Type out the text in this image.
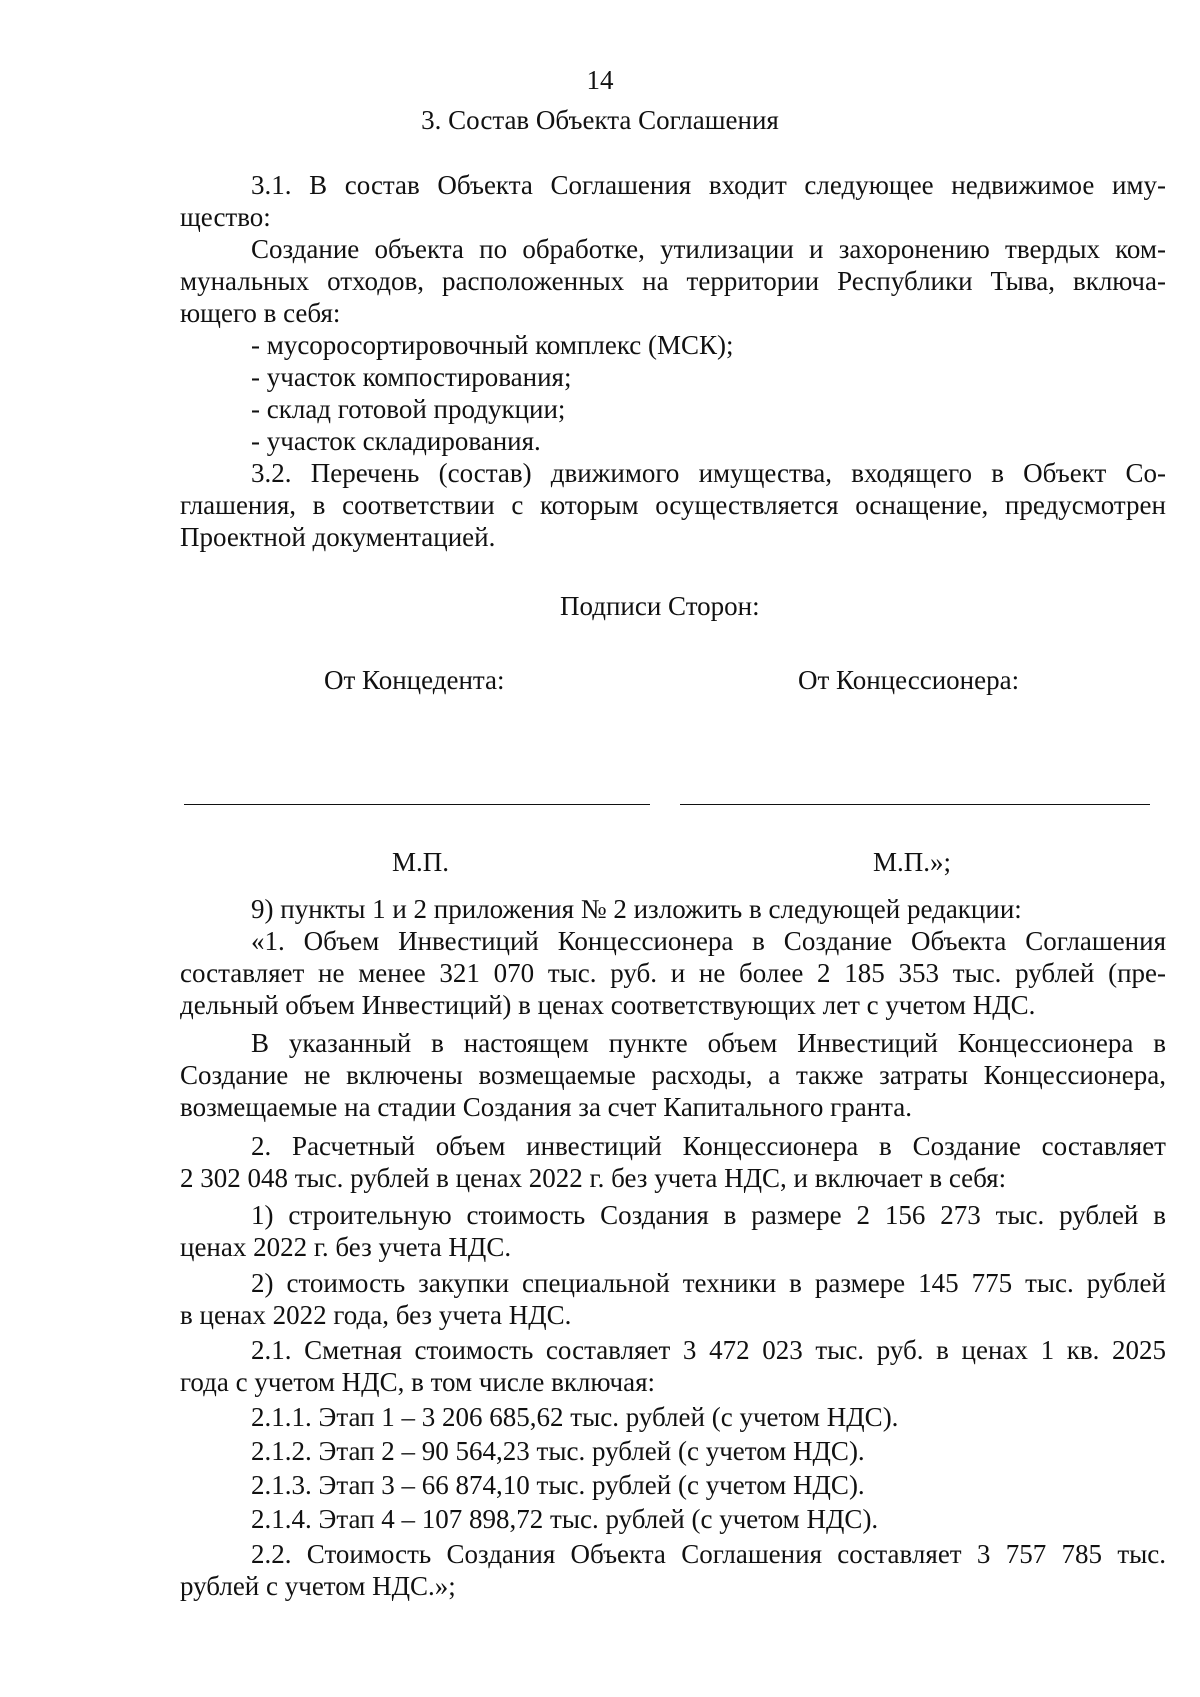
14
3. Состав Объекта Соглашения
3.1. В состав Объекта Соглашения входит следующее недвижимое иму-
щество:
Создание объекта по обработке, утилизации и захоронению твердых ком-
мунальных отходов, расположенных на территории Республики Тыва, включа-
ющего в себя:
- мусоросортировочный комплекс (МСК);
- участок компостирования;
- склад готовой продукции;
- участок складирования.
3.2. Перечень (состав) движимого имущества, входящего в Объект Со-
глашения, в соответствии с которым осуществляется оснащение, предусмотрен
Проектной документацией.
Подписи Сторон:
От Концедента:	От Концессионера:
М.П.	М.П.»;
9) пункты 1 и 2 приложения № 2 изложить в следующей редакции:
«1. Объем Инвестиций Концессионера в Создание Объекта Соглашения
составляет не менее 321 070 тыс. руб. и не более 2 185 353 тыс. рублей (пре-
дельный объем Инвестиций) в ценах соответствующих лет с учетом НДС.
В указанный в настоящем пункте объем Инвестиций Концессионера в
Создание не включены возмещаемые расходы, а также затраты Концессионера,
возмещаемые на стадии Создания за счет Капитального гранта.
2. Расчетный объем инвестиций Концессионера в Создание составляет
2 302 048 тыс. рублей в ценах 2022 г. без учета НДС, и включает в себя:
1) строительную стоимость Создания в размере 2 156 273 тыс. рублей в
ценах 2022 г. без учета НДС.
2) стоимость закупки специальной техники в размере 145 775 тыс. рублей
в ценах 2022 года, без учета НДС.
2.1. Сметная стоимость составляет 3 472 023 тыс. руб. в ценах 1 кв. 2025
года с учетом НДС, в том числе включая:
2.1.1. Этап 1 – 3 206 685,62 тыс. рублей (с учетом НДС).
2.1.2. Этап 2 – 90 564,23 тыс. рублей (с учетом НДС).
2.1.3. Этап 3 – 66 874,10 тыс. рублей (с учетом НДС).
2.1.4. Этап 4 – 107 898,72 тыс. рублей (с учетом НДС).
2.2. Стоимость Создания Объекта Соглашения составляет 3 757 785 тыс.
рублей с учетом НДС.»;
